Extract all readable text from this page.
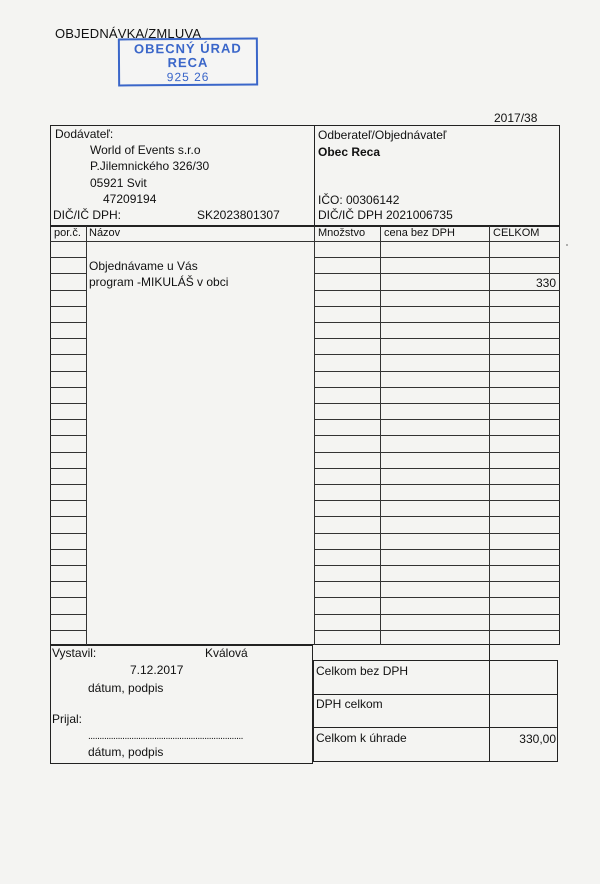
OBJEDNÁVKA/ZMLUVA
OBECNÝ ÚRAD
RECA
925 26
2017/38
Dodávateľ:
World of Events s.r.o
P.Jilemnického 326/30
05921 Svit
47209194
DIČ/IČ DPH:	SK2023801307
Odberateľ/Objednávateľ
Obec Reca
IČO: 00306142
DIČ/IČ DPH 2021006735
por.č. Názov	Množstvo cena bez DPH	CELKOM
Objednávame u Vás
program -MIKULÁŠ v obci	330
Vystavil:	Kválová
7.12.2017
dátum, podpis
Prijal:
....................................................................
dátum, podpis
Celkom bez DPH
DPH celkom
Celkom k úhrade	330,00
